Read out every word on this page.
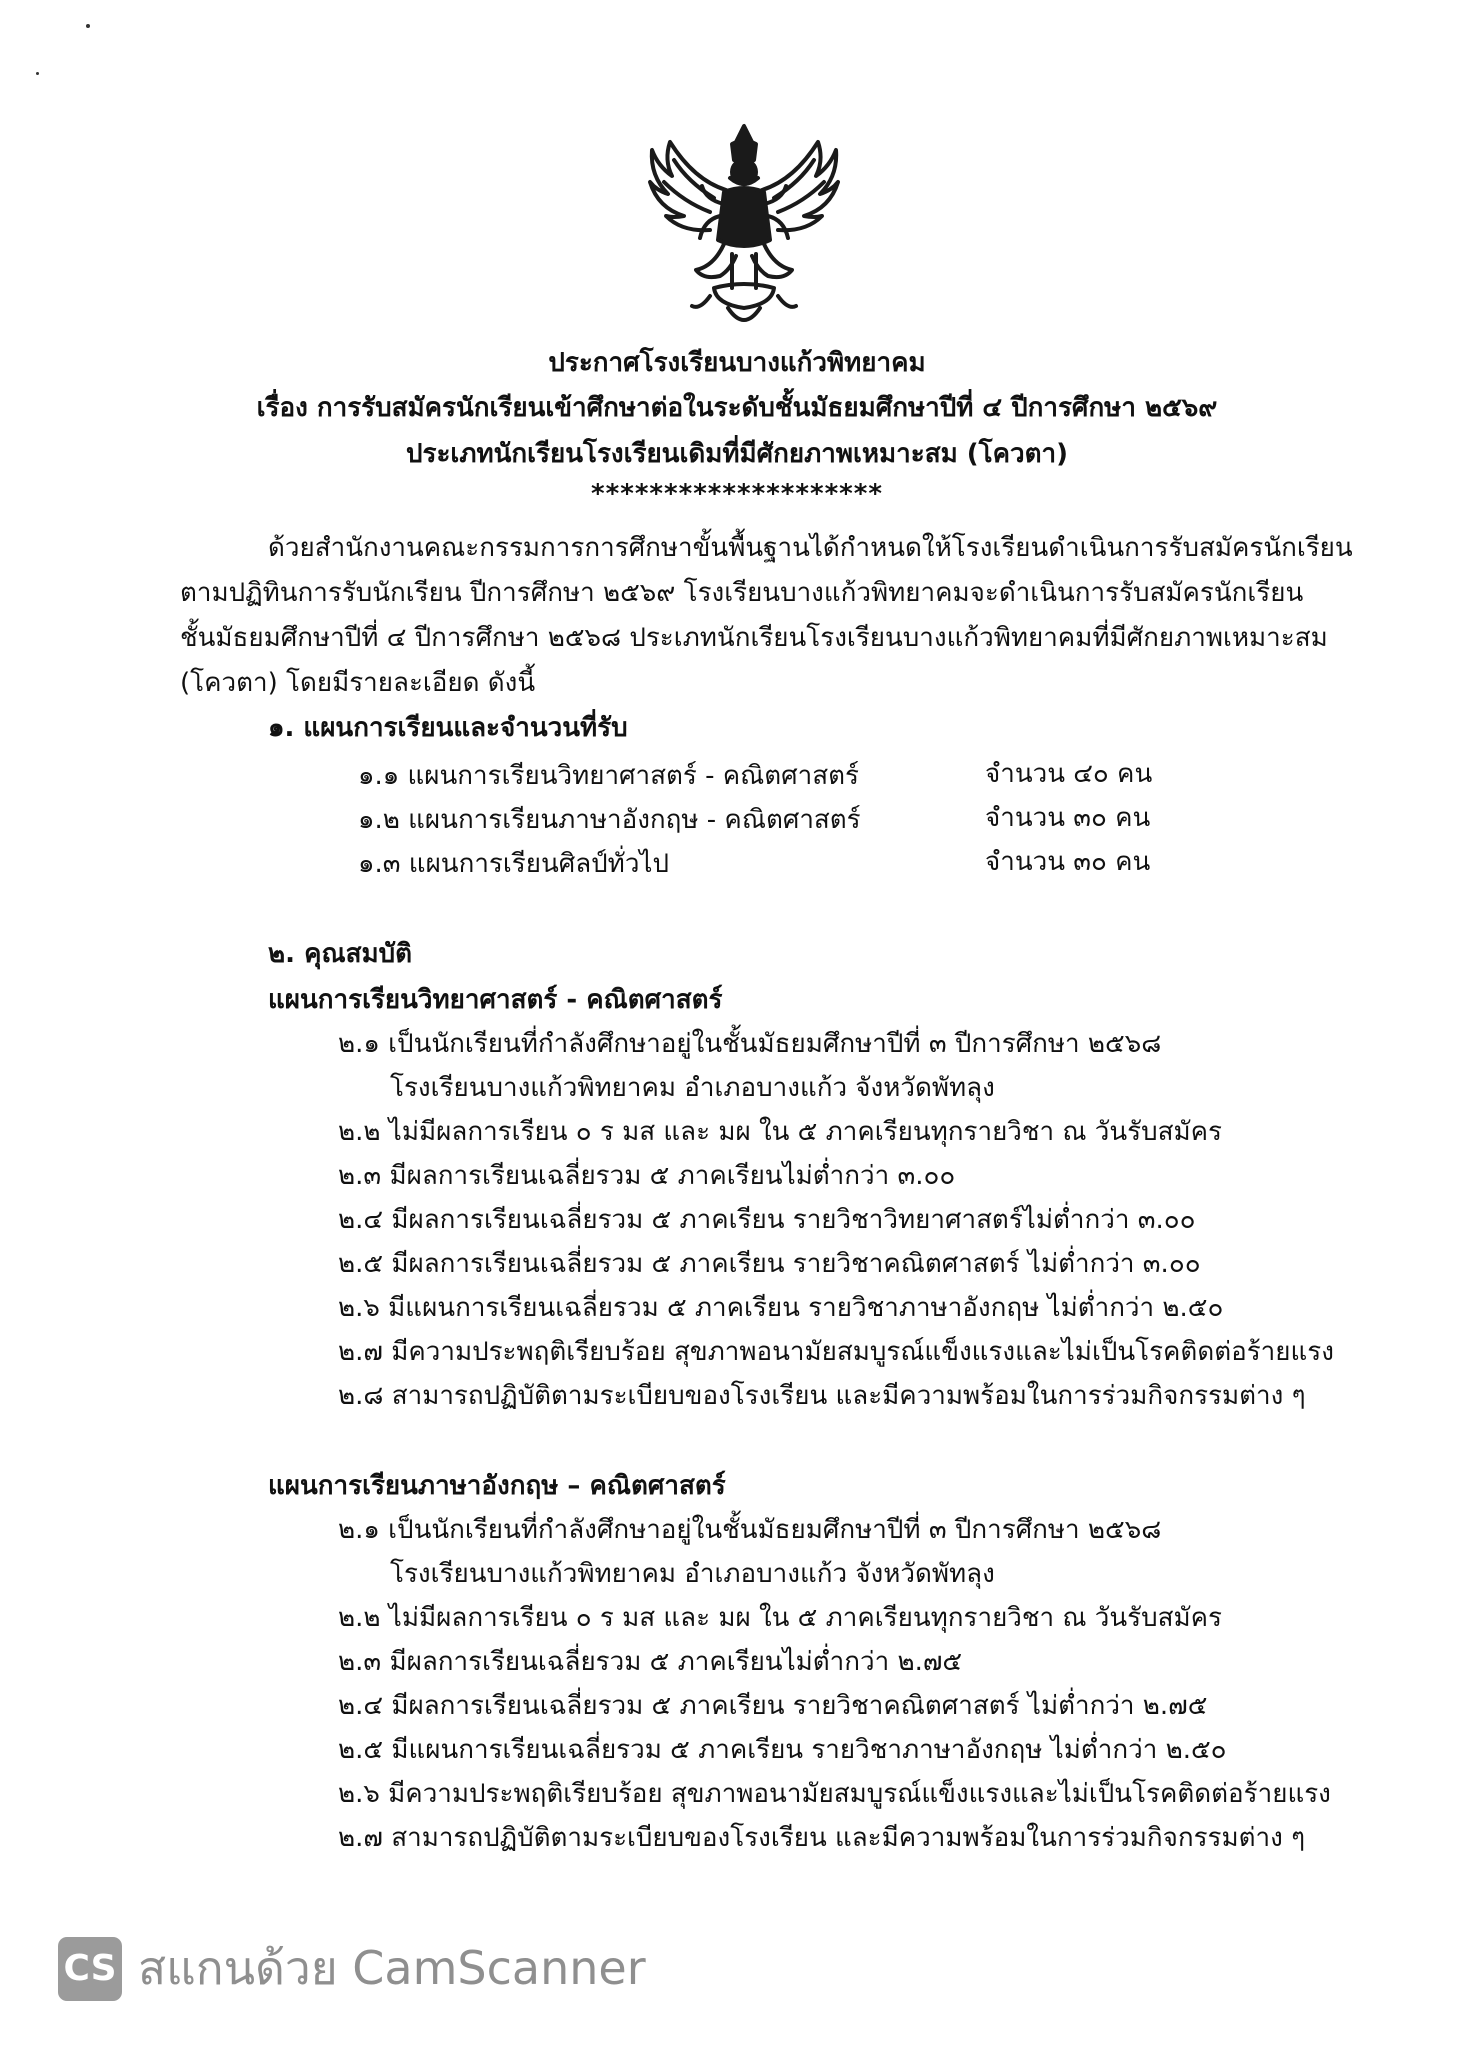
ประกาศโรงเรียนบางแก้วพิทยาคม
เรื่อง การรับสมัครนักเรียนเข้าศึกษาต่อในระดับชั้นมัธยมศึกษาปีที่ ๔ ปีการศึกษา ๒๕๖๙
ประเภทนักเรียนโรงเรียนเดิมที่มีศักยภาพเหมาะสม (โควตา)
********************
ด้วยสำนักงานคณะกรรมการการศึกษาขั้นพื้นฐานได้กำหนดให้โรงเรียนดำเนินการรับสมัครนักเรียน
ตามปฏิทินการรับนักเรียน ปีการศึกษา ๒๕๖๙ โรงเรียนบางแก้วพิทยาคมจะดำเนินการรับสมัครนักเรียน
ชั้นมัธยมศึกษาปีที่ ๔ ปีการศึกษา ๒๕๖๘ ประเภทนักเรียนโรงเรียนบางแก้วพิทยาคมที่มีศักยภาพเหมาะสม
(โควตา) โดยมีรายละเอียด ดังนี้
๑. แผนการเรียนและจำนวนที่รับ
๑.๑ แผนการเรียนวิทยาศาสตร์ - คณิตศาสตร์	จำนวน ๔๐ คน
๑.๒ แผนการเรียนภาษาอังกฤษ - คณิตศาสตร์	จำนวน ๓๐ คน
๑.๓ แผนการเรียนศิลป์ทั่วไป	จำนวน ๓๐ คน
๒. คุณสมบัติ
แผนการเรียนวิทยาศาสตร์ - คณิตศาสตร์
๒.๑ เป็นนักเรียนที่กำลังศึกษาอยู่ในชั้นมัธยมศึกษาปีที่ ๓ ปีการศึกษา ๒๕๖๘
โรงเรียนบางแก้วพิทยาคม อำเภอบางแก้ว จังหวัดพัทลุง
๒.๒ ไม่มีผลการเรียน ๐ ร มส และ มผ ใน ๕ ภาคเรียนทุกรายวิชา ณ วันรับสมัคร
๒.๓ มีผลการเรียนเฉลี่ยรวม ๕ ภาคเรียนไม่ต่ำกว่า ๓.๐๐
๒.๔ มีผลการเรียนเฉลี่ยรวม ๕ ภาคเรียน รายวิชาวิทยาศาสตร์ไม่ต่ำกว่า ๓.๐๐
๒.๕ มีผลการเรียนเฉลี่ยรวม ๕ ภาคเรียน รายวิชาคณิตศาสตร์ ไม่ต่ำกว่า ๓.๐๐
๒.๖ มีแผนการเรียนเฉลี่ยรวม ๕ ภาคเรียน รายวิชาภาษาอังกฤษ ไม่ต่ำกว่า ๒.๕๐
๒.๗ มีความประพฤติเรียบร้อย สุขภาพอนามัยสมบูรณ์แข็งแรงและไม่เป็นโรคติดต่อร้ายแรง
๒.๘ สามารถปฏิบัติตามระเบียบของโรงเรียน และมีความพร้อมในการร่วมกิจกรรมต่าง ๆ
แผนการเรียนภาษาอังกฤษ – คณิตศาสตร์
๒.๑ เป็นนักเรียนที่กำลังศึกษาอยู่ในชั้นมัธยมศึกษาปีที่ ๓ ปีการศึกษา ๒๕๖๘
โรงเรียนบางแก้วพิทยาคม อำเภอบางแก้ว จังหวัดพัทลุง
๒.๒ ไม่มีผลการเรียน ๐ ร มส และ มผ ใน ๕ ภาคเรียนทุกรายวิชา ณ วันรับสมัคร
๒.๓ มีผลการเรียนเฉลี่ยรวม ๕ ภาคเรียนไม่ต่ำกว่า ๒.๗๕
๒.๔ มีผลการเรียนเฉลี่ยรวม ๕ ภาคเรียน รายวิชาคณิตศาสตร์ ไม่ต่ำกว่า ๒.๗๕
๒.๕ มีแผนการเรียนเฉลี่ยรวม ๕ ภาคเรียน รายวิชาภาษาอังกฤษ ไม่ต่ำกว่า ๒.๕๐
๒.๖ มีความประพฤติเรียบร้อย สุขภาพอนามัยสมบูรณ์แข็งแรงและไม่เป็นโรคติดต่อร้ายแรง
๒.๗ สามารถปฏิบัติตามระเบียบของโรงเรียน และมีความพร้อมในการร่วมกิจกรรมต่าง ๆ
CS สแกนด้วย CamScanner
